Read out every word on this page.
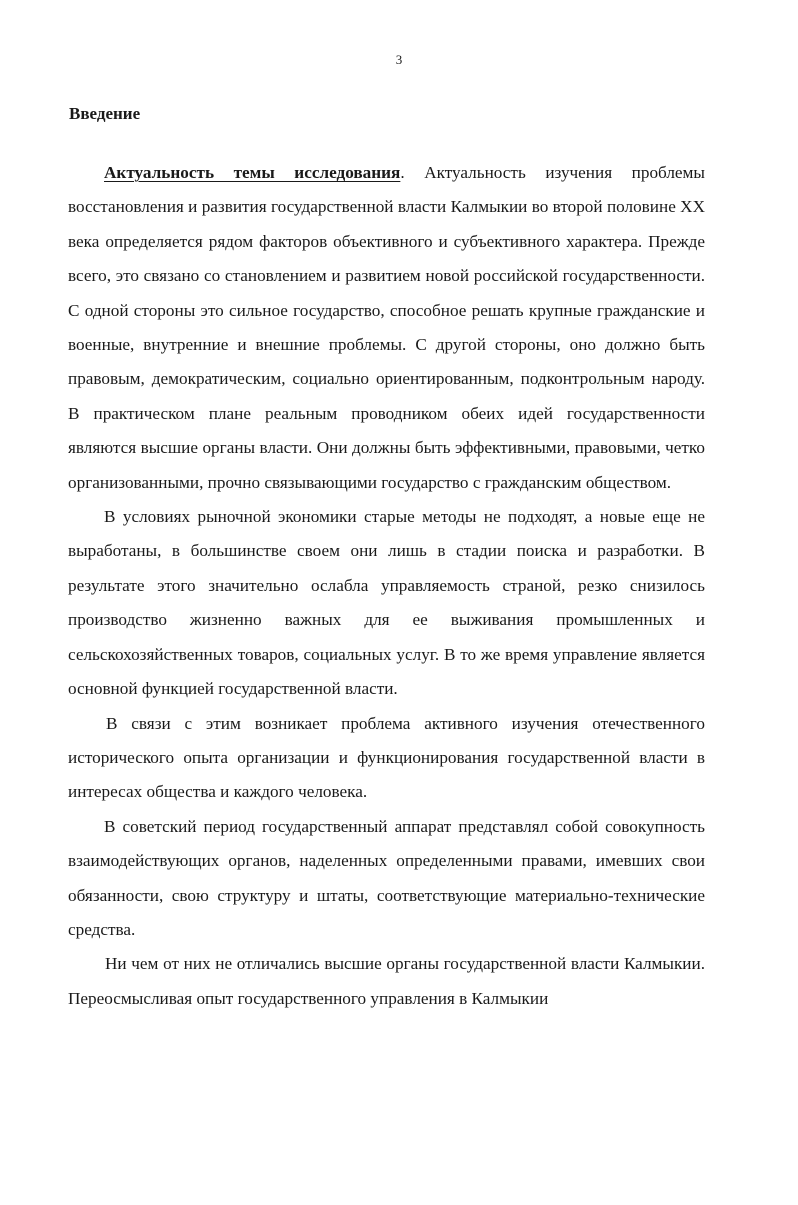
3
Введение

Актуальность темы исследования. Актуальность изучения проблемы восстановления и развития государственной власти Калмыкии во второй половине XX века определяется рядом факторов объективного и субъективного характера. Прежде всего, это связано со становлением и развитием новой российской государственности. С одной стороны это сильное государство, способное решать крупные гражданские и военные, внутренние и внешние проблемы. С другой стороны, оно должно быть правовым, демократическим, социально ориентированным, подконтрольным народу. В практическом плане реальным проводником обеих идей государственности являются высшие органы власти. Они должны быть эффективными, правовыми, четко организованными, прочно связывающими государство с гражданским обществом.

В условиях рыночной экономики старые методы не подходят, а новые еще не выработаны, в большинстве своем они лишь в стадии поиска и разработки. В результате этого значительно ослабла управляемость страной, резко снизилось производство жизненно важных для ее выживания промышленных и сельскохозяйственных товаров, социальных услуг. В то же время управление является основной функцией государственной власти.

В связи с этим возникает проблема активного изучения отечественного исторического опыта организации и функционирования государственной власти в интересах общества и каждого человека.

В советский период государственный аппарат представлял собой совокупность взаимодействующих органов, наделенных определенными правами, имевших свои обязанности, свою структуру и штаты, соответствующие материально-технические средства.

Ни чем от них не отличались высшие органы государственной власти Калмыкии. Переосмысливая опыт государственного управления в Калмыкии
